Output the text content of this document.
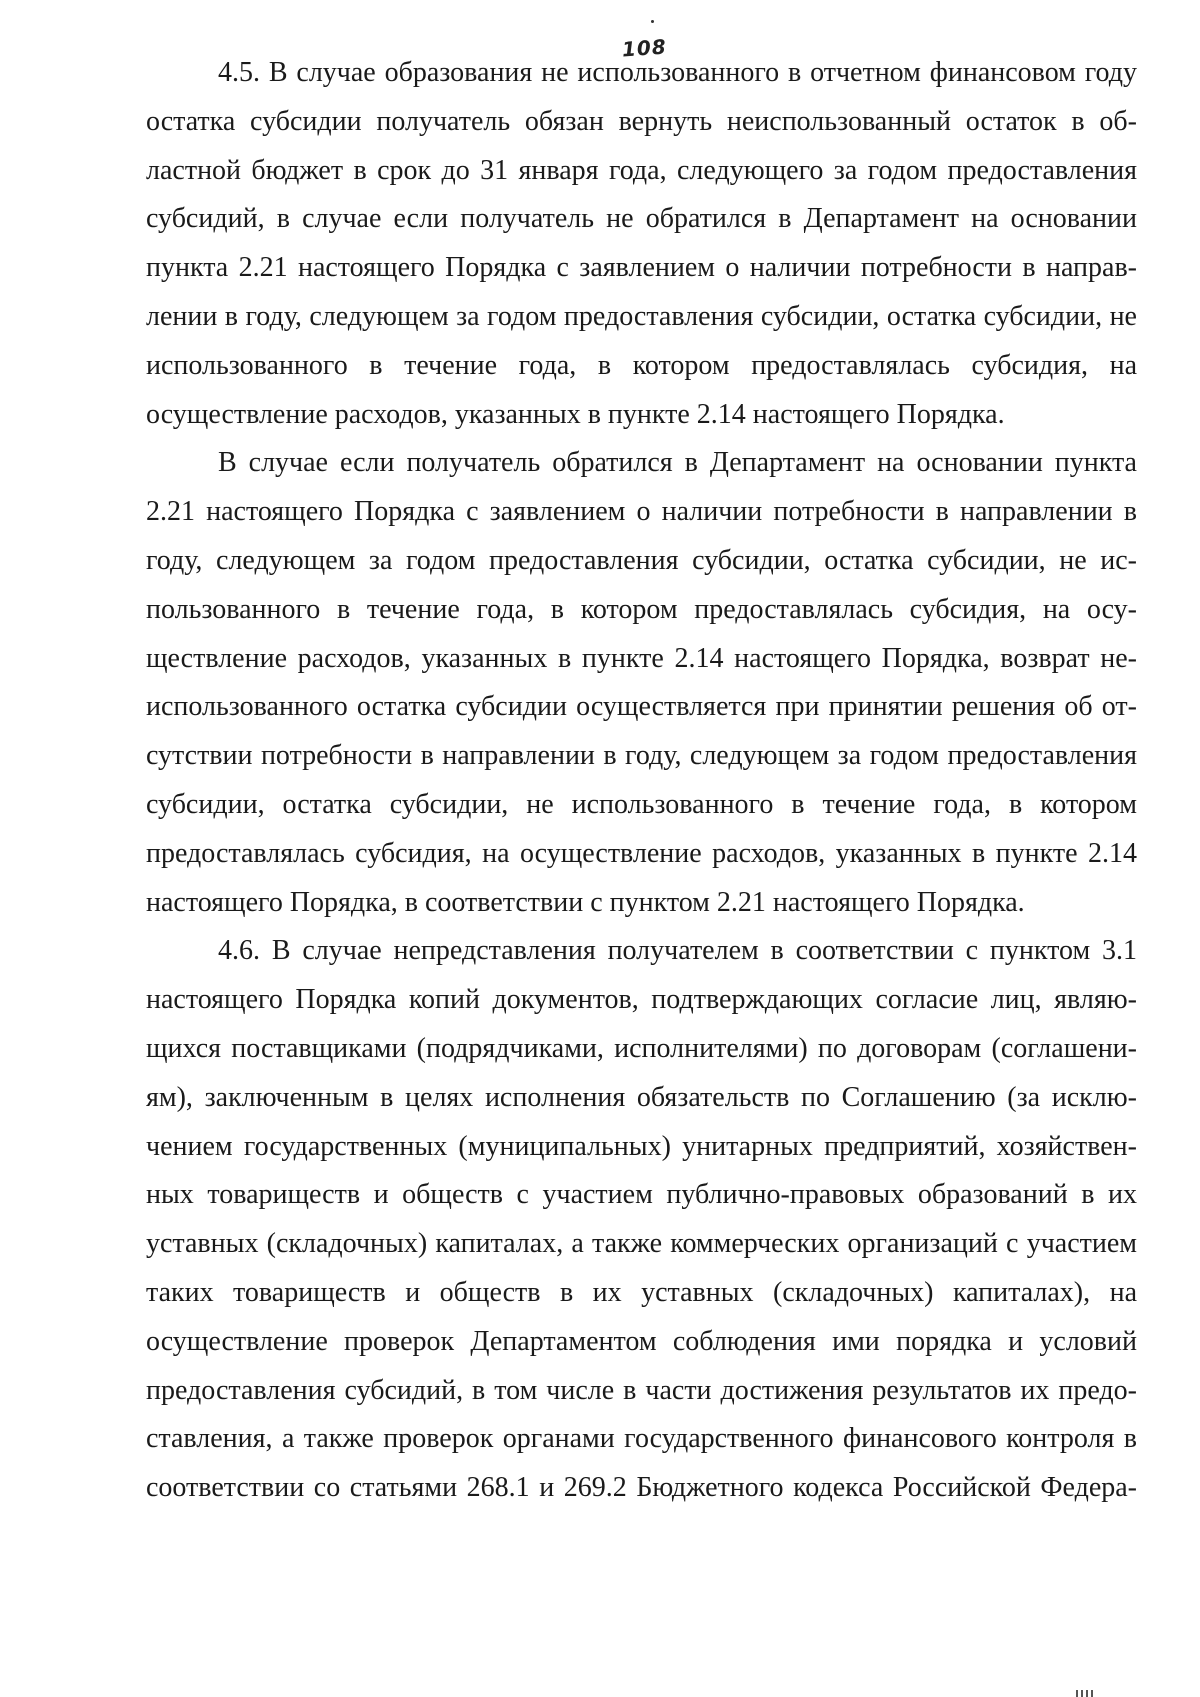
108

4.5. В случае образования не использованного в отчетном финансовом году остатка субсидии получатель обязан вернуть неиспользованный остаток в областной бюджет в срок до 31 января года, следующего за годом предоставления субсидий, в случае если получатель не обратился в Департамент на основании пункта 2.21 настоящего Порядка с заявлением о наличии потребности в направлении в году, следующем за годом предоставления субсидии, остатка субсидии, не использованного в течение года, в котором предоставлялась субсидия, на осуществление расходов, указанных в пункте 2.14 настоящего Порядка.

В случае если получатель обратился в Департамент на основании пункта 2.21 настоящего Порядка с заявлением о наличии потребности в направлении в году, следующем за годом предоставления субсидии, остатка субсидии, не использованного в течение года, в котором предоставлялась субсидия, на осуществление расходов, указанных в пункте 2.14 настоящего Порядка, возврат неиспользованного остатка субсидии осуществляется при принятии решения об отсутствии потребности в направлении в году, следующем за годом предоставления субсидии, остатка субсидии, не использованного в течение года, в котором предоставлялась субсидия, на осуществление расходов, указанных в пункте 2.14 настоящего Порядка, в соответствии с пунктом 2.21 настоящего Порядка.

4.6. В случае непредставления получателем в соответствии с пунктом 3.1 настоящего Порядка копий документов, подтверждающих согласие лиц, являющихся поставщиками (подрядчиками, исполнителями) по договорам (соглашениям), заключенным в целях исполнения обязательств по Соглашению (за исключением государственных (муниципальных) унитарных предприятий, хозяйственных товариществ и обществ с участием публично-правовых образований в их уставных (складочных) капиталах, а также коммерческих организаций с участием таких товариществ и обществ в их уставных (складочных) капиталах), на осуществление проверок Департаментом соблюдения ими порядка и условий предоставления субсидий, в том числе в части достижения результатов их предоставления, а также проверок органами государственного финансового контроля в соответствии со статьями 268.1 и 269.2 Бюджетного кодекса Российской Федера-
